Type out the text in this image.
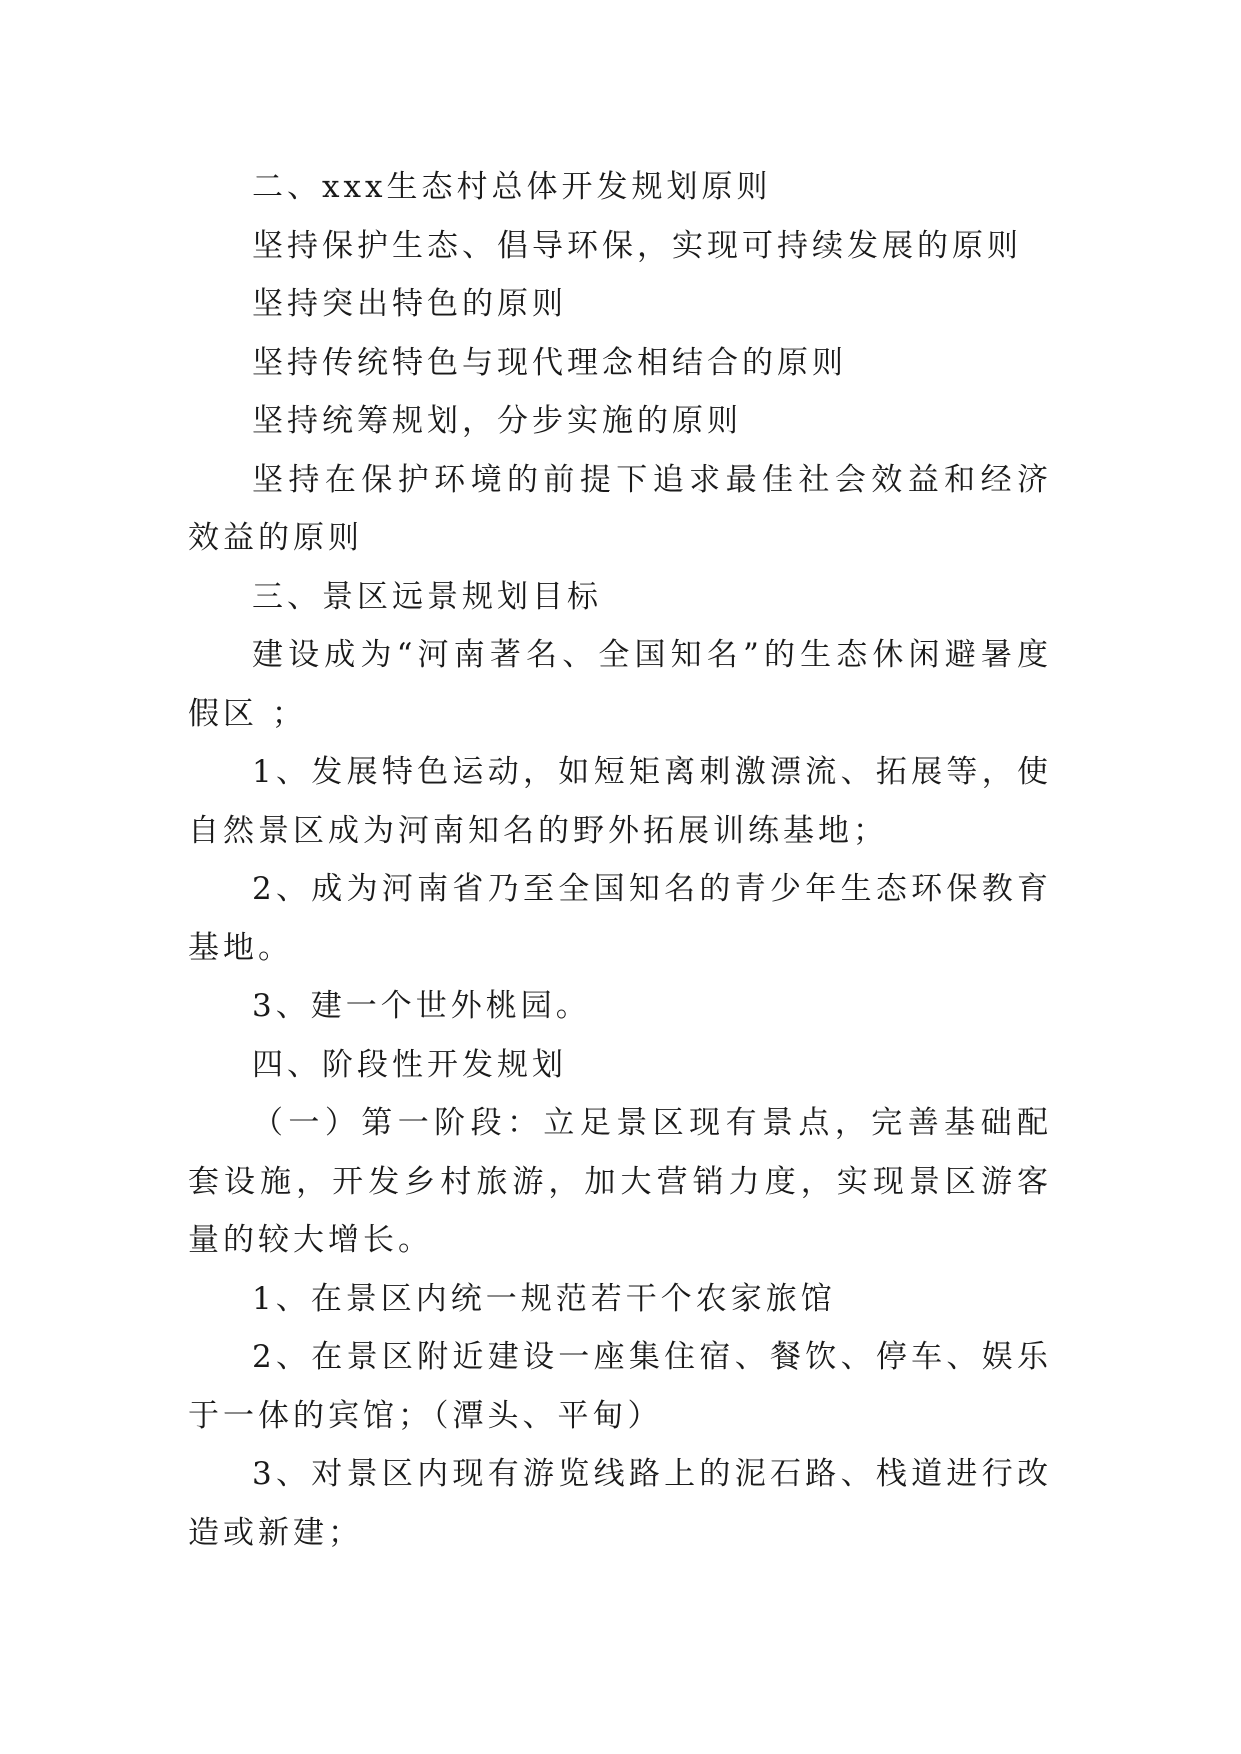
二、xxx生态村总体开发规划原则

坚持保护生态、倡导环保，实现可持续发展的原则

坚持突出特色的原则

坚持传统特色与现代理念相结合的原则

坚持统筹规划，分步实施的原则

坚持在保护环境的前提下追求最佳社会效益和经济效益的原则

三、景区远景规划目标

建设成为“河南著名、全国知名”的生态休闲避暑度假区 ；

1、发展特色运动，如短矩离刺激漂流、拓展等，使自然景区成为河南知名的野外拓展训练基地；

2、成为河南省乃至全国知名的青少年生态环保教育基地。

3、建一个世外桃园。

四、阶段性开发规划

（一）第一阶段：立足景区现有景点，完善基础配套设施，开发乡村旅游，加大营销力度，实现景区游客量的较大增长。

1、在景区内统一规范若干个农家旅馆

2、在景区附近建设一座集住宿、餐饮、停车、娱乐于一体的宾馆；（潭头、平甸）

3、对景区内现有游览线路上的泥石路、栈道进行改造或新建；
